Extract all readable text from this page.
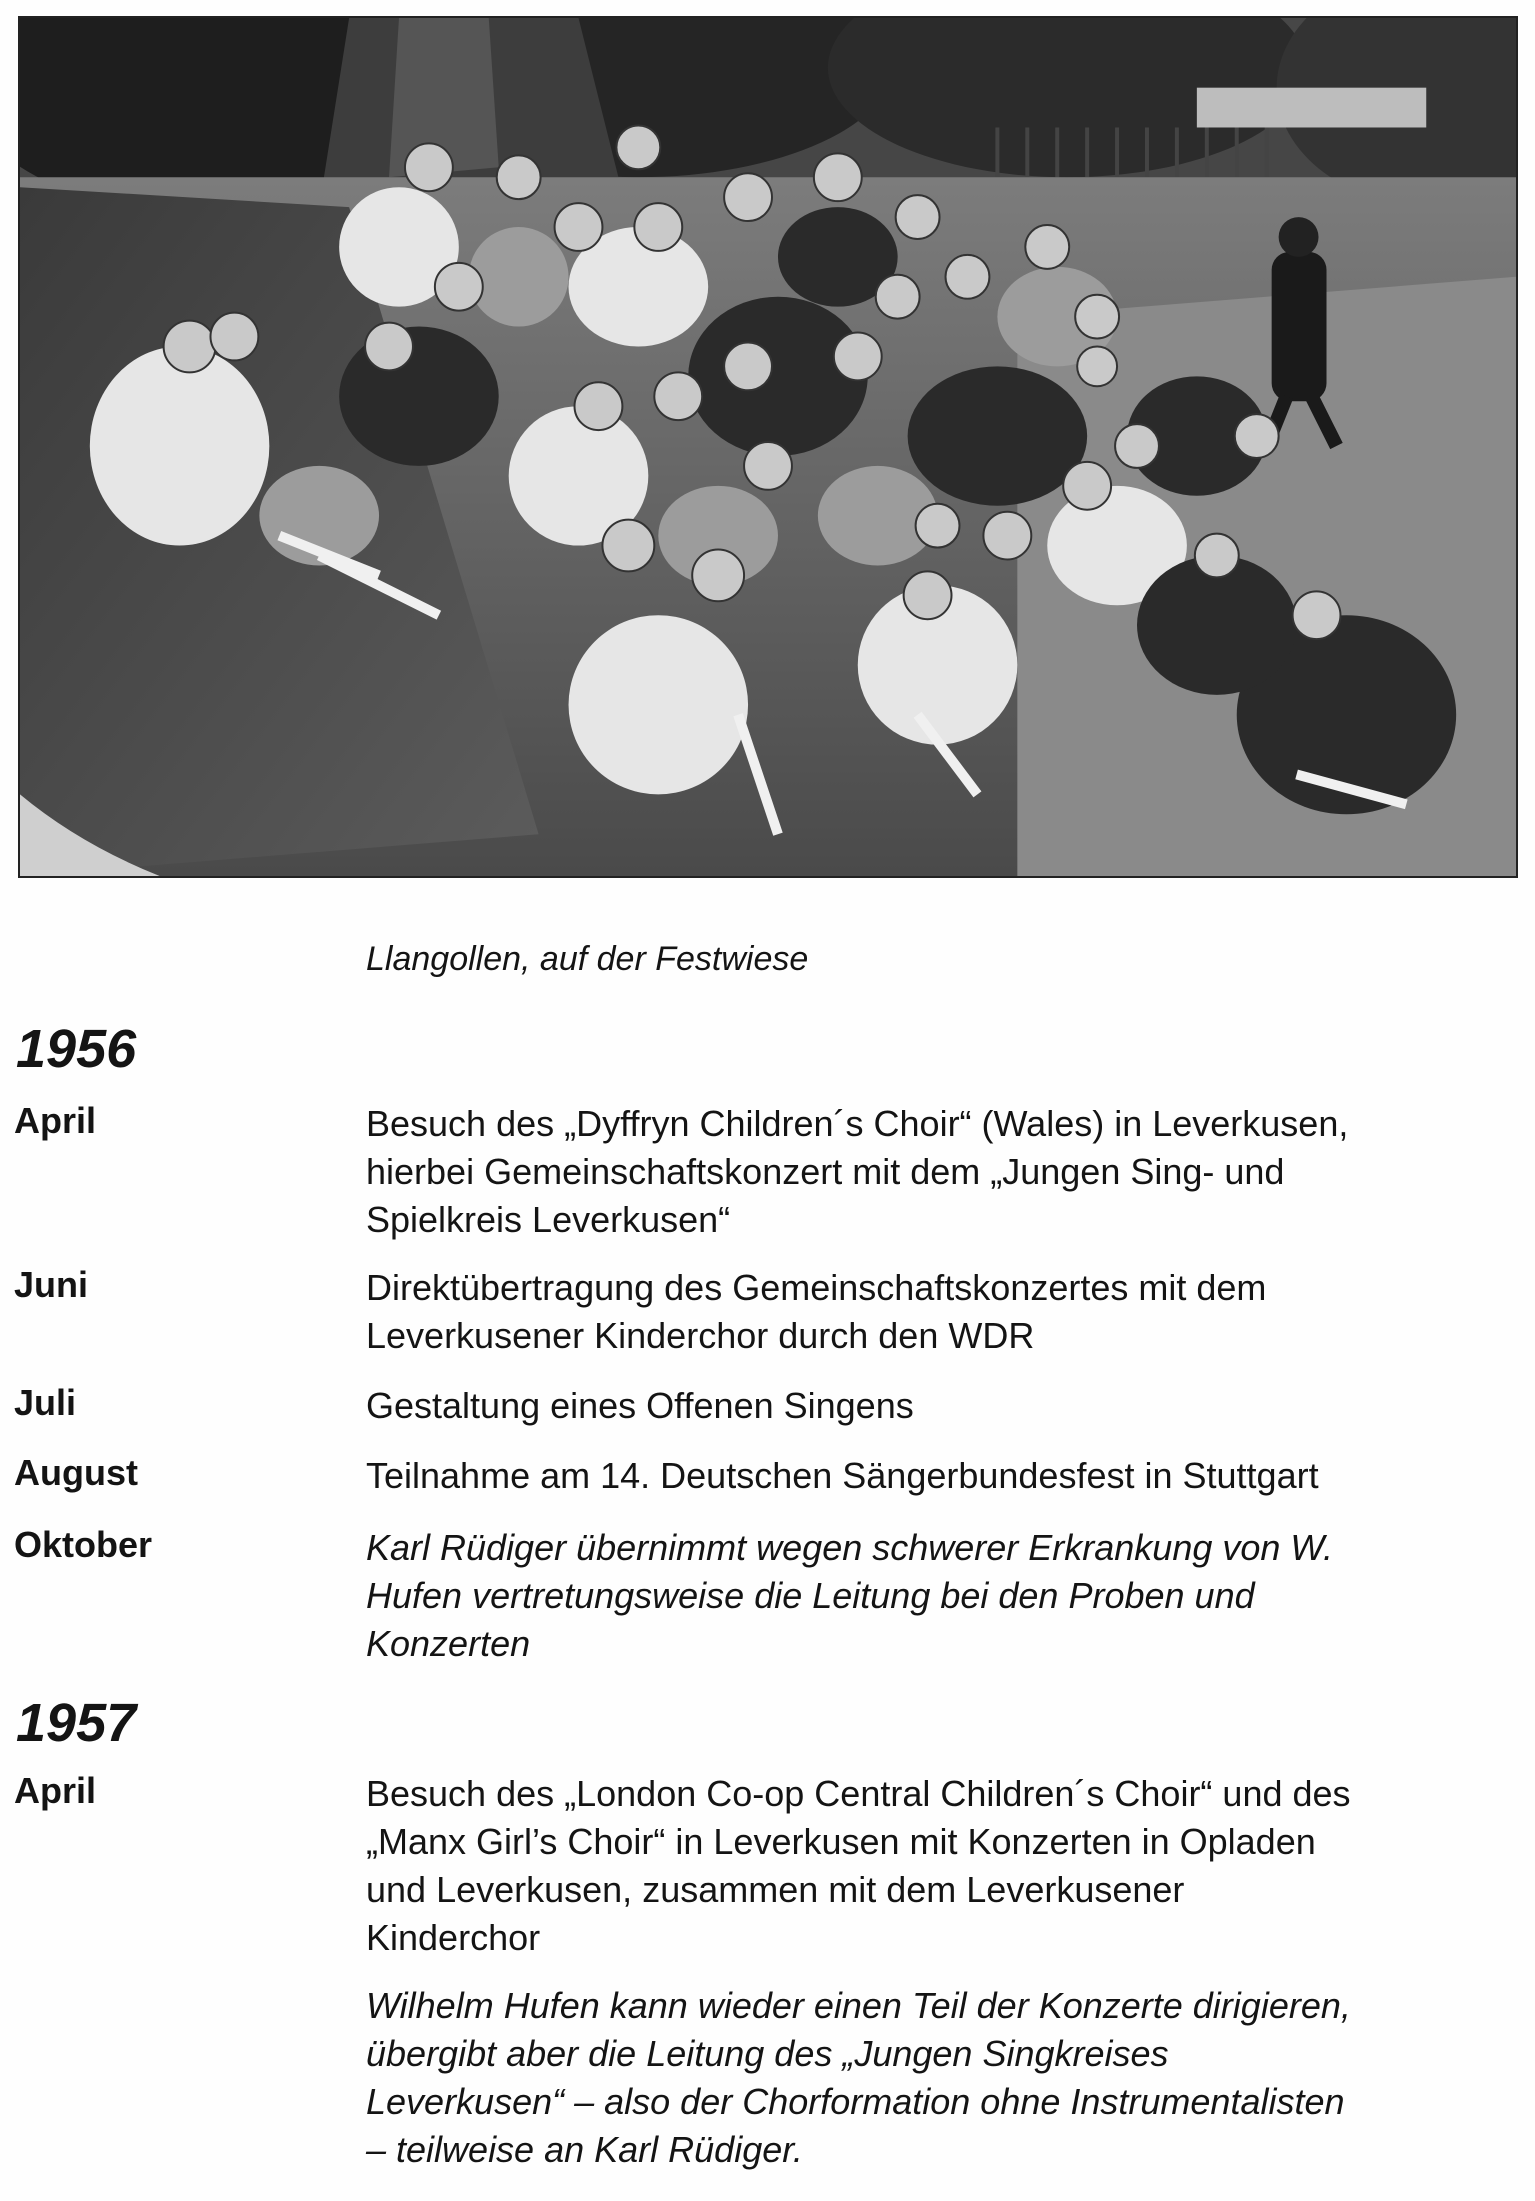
Llangollen, auf der Festwiese
1956
April	Besuch des „Dyffryn Children´s Choir“ (Wales) in Leverkusen,
hierbei Gemeinschaftskonzert mit dem „Jungen Sing- und
Spielkreis Leverkusen“
Juni	Direktübertragung des Gemeinschaftskonzertes mit dem
Leverkusener Kinderchor durch den WDR
Juli	Gestaltung eines Offenen Singens
August	Teilnahme am 14. Deutschen Sängerbundesfest in Stuttgart
Oktober	Karl Rüdiger übernimmt wegen schwerer Erkrankung von W.
Hufen vertretungsweise die Leitung bei den Proben und
Konzerten
1957
April	Besuch des „London Co-op Central Children´s Choir“ und des
„Manx Girl’s Choir“ in Leverkusen mit Konzerten in Opladen
und Leverkusen, zusammen mit dem Leverkusener
Kinderchor
Wilhelm Hufen kann wieder einen Teil der Konzerte dirigieren,
übergibt aber die Leitung des „Jungen Singkreises
Leverkusen“ – also der Chorformation ohne Instrumentalisten
– teilweise an Karl Rüdiger.
